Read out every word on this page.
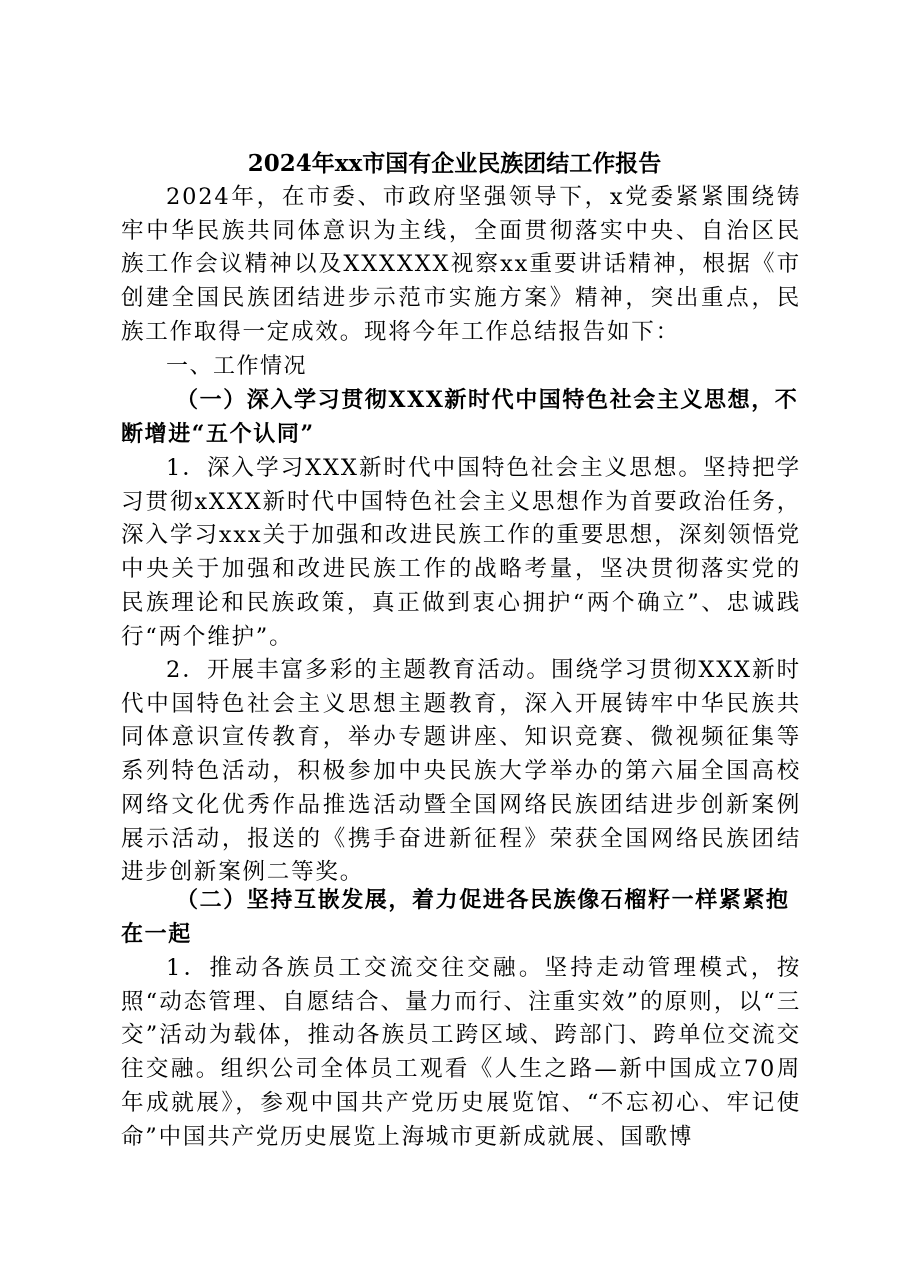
2024年xx市国有企业民族团结工作报告

2024年，在市委、市政府坚强领导下，x党委紧紧围绕铸牢中华民族共同体意识为主线，全面贯彻落实中央、自治区民族工作会议精神以及XXXXXX视察xx重要讲话精神，根据《市创建全国民族团结进步示范市实施方案》精神，突出重点，民族工作取得一定成效。现将今年工作总结报告如下：

一、工作情况

（一）深入学习贯彻XXX新时代中国特色社会主义思想，不断增进“五个认同”

1．深入学习XXX新时代中国特色社会主义思想。坚持把学习贯彻xXXX新时代中国特色社会主义思想作为首要政治任务，深入学习xxx关于加强和改进民族工作的重要思想，深刻领悟党中央关于加强和改进民族工作的战略考量，坚决贯彻落实党的民族理论和民族政策，真正做到衷心拥护“两个确立”、忠诚践行“两个维护”。

2．开展丰富多彩的主题教育活动。围绕学习贯彻XXX新时代中国特色社会主义思想主题教育，深入开展铸牢中华民族共同体意识宣传教育，举办专题讲座、知识竞赛、微视频征集等系列特色活动，积极参加中央民族大学举办的第六届全国高校网络文化优秀作品推选活动暨全国网络民族团结进步创新案例展示活动，报送的《携手奋进新征程》荣获全国网络民族团结进步创新案例二等奖。

（二）坚持互嵌发展，着力促进各民族像石榴籽一样紧紧抱在一起

1．推动各族员工交流交往交融。坚持走动管理模式，按照“动态管理、自愿结合、量力而行、注重实效”的原则，以“三交”活动为载体，推动各族员工跨区域、跨部门、跨单位交流交往交融。组织公司全体员工观看《人生之路—新中国成立70周年成就展》，参观中国共产党历史展览馆、“不忘初心、牢记使命”中国共产党历史展览上海城市更新成就展、国歌博
